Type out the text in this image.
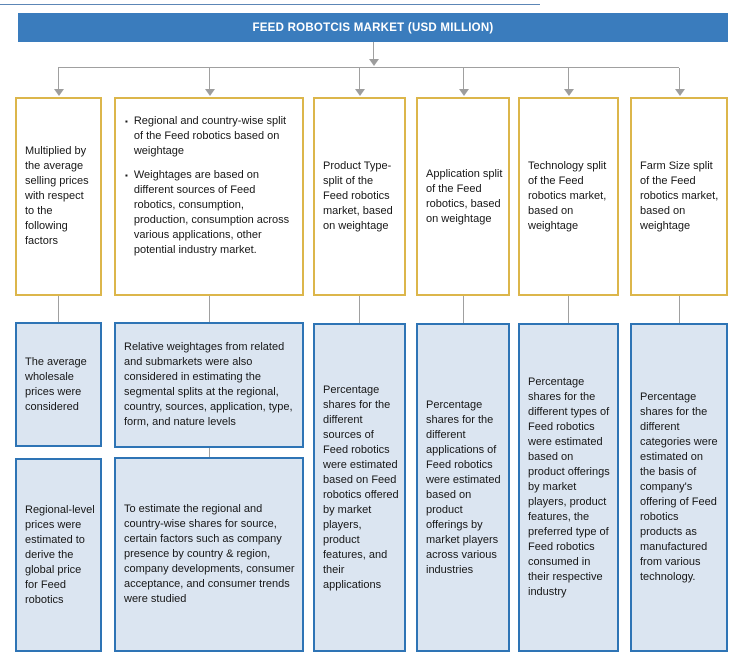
FEED ROBOTCIS MARKET (USD MILLION)
Multiplied by the average selling prices with respect to the following factors
▪ Regional and country-wise split of the Feed robotics based on weightage
▪ Weightages are based on different sources of Feed robotics, consumption, production, consumption across various applications, other potential industry market.
Product Type-split of the Feed robotics market, based on weightage
Application split of the Feed robotics, based on weightage
Technology split of the Feed robotics market, based on weightage
Farm Size split of the Feed robotics market, based on weightage
The average wholesale prices were considered
Regional-level prices were estimated to derive the global price for Feed robotics
Relative weightages from related and submarkets were also considered in estimating the segmental splits at the regional, country, sources, application, type, form, and nature levels
To estimate the regional and country-wise shares for source, certain factors such as company presence by country & region, company developments, consumer acceptance, and consumer trends were studied
Percentage shares for the different sources of Feed robotics were estimated based on Feed robotics offered by market players, product features, and their applications
Percentage shares for the different applications of Feed robotics were estimated based on product offerings by market players across various industries
Percentage shares for the different types of Feed robotics were estimated based on product offerings by market players, product features, the preferred type of Feed robotics consumed in their respective industry
Percentage shares for the different categories were estimated on the basis of company's offering of Feed robotics products as manufactured from various technology.
